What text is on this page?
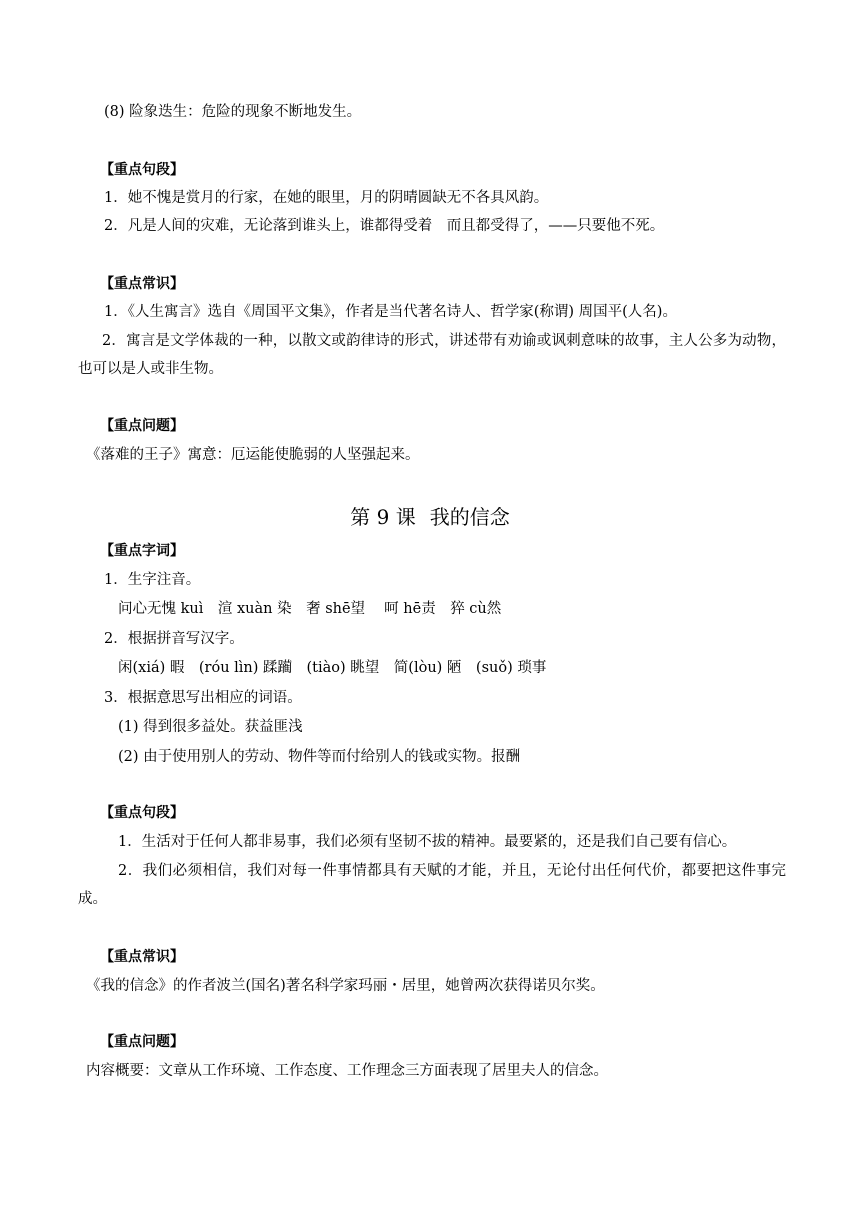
(8) 险象迭生：危险的现象不断地发生。
【重点句段】
1．她不愧是赏月的行家，在她的眼里，月的阴晴圆缺无不各具风韵。
2．凡是人间的灾难，无论落到谁头上，谁都得受着　而且都受得了，——只要他不死。
【重点常识】
1．《人生寓言》选自《周国平文集》，作者是当代著名诗人、哲学家(称谓) 周国平(人名)。
2．寓言是文学体裁的一种，以散文或韵律诗的形式，讲述带有劝谕或讽刺意味的故事，主人公多为动物，也可以是人或非生物。
【重点问题】
《落难的王子》寓意：厄运能使脆弱的人坚强起来。
第 9 课 我的信念
【重点字词】
1．生字注音。
问心无愧 kuì　渲 xuàn 染　奢 shē望　 呵 hē责　猝 cù然
2．根据拼音写汉字。
闲(xiá) 暇　(róu lìn) 蹂躏　(tiào) 眺望　简(lòu) 陋　(suǒ) 琐事
3．根据意思写出相应的词语。
(1) 得到很多益处。获益匪浅
(2) 由于使用别人的劳动、物件等而付给别人的钱或实物。报酬
【重点句段】
1．生活对于任何人都非易事，我们必须有坚韧不拔的精神。最要紧的，还是我们自己要有信心。
2．我们必须相信，我们对每一件事情都具有天赋的才能，并且，无论付出任何代价，都要把这件事完成。
【重点常识】
《我的信念》的作者波兰(国名)著名科学家玛丽・居里，她曾两次获得诺贝尔奖。
【重点问题】
内容概要：文章从工作环境、工作态度、工作理念三方面表现了居里夫人的信念。
